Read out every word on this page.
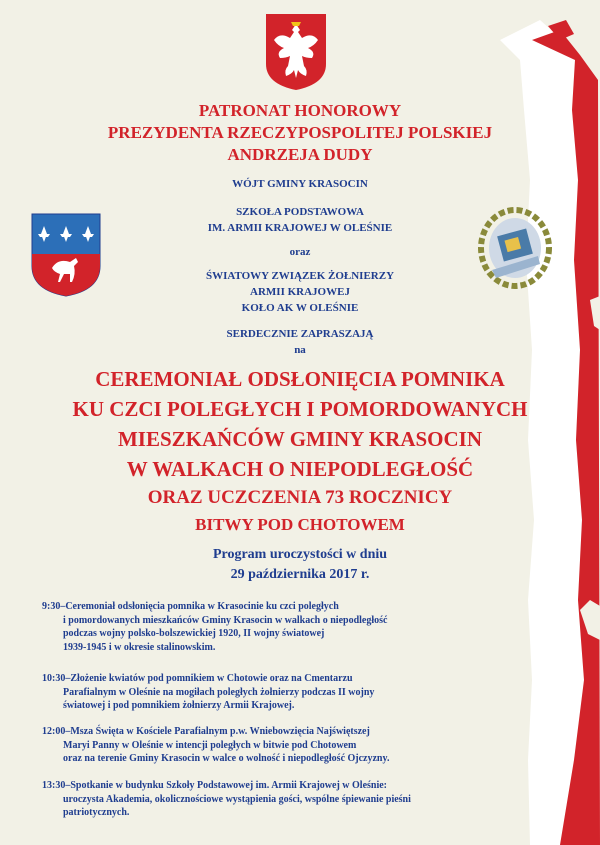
PATRONAT HONOROWY
PREZYDENTA RZECZYPOSPOLITEJ POLSKIEJ
ANDRZEJA DUDY
WÓJT GMINY KRASOCIN
SZKOŁA PODSTAWOWA
IM. ARMII KRAJOWEJ W OLEŚNIE
oraz
ŚWIATOWY ZWIĄZEK ŻOŁNIERZY
ARMII KRAJOWEJ
KOŁO AK W OLEŚNIE
SERDECZNIE ZAPRASZAJĄ
na
CEREMONIAŁ ODSŁONIĘCIA POMNIKA
KU CZCI POLEGŁYCH I POMORDOWANYCH
MIESZKAŃCÓW GMINY KRASOCIN
W WALKACH O NIEPODLEGŁOŚĆ
ORAZ UCZCZENIA 73 ROCZNICY
BITWY POD CHOTOWEM
Program uroczystości w dniu
29 października 2017 r.
9:30–Ceremoniał odsłonięcia pomnika w Krasocinie ku czci poległych
i pomordowanych mieszkańców Gminy Krasocin w walkach o niepodległość
podczas wojny polsko-bolszewickiej 1920, II wojny światowej
1939-1945 i w okresie stalinowskim.
10:30–Złożenie kwiatów pod pomnikiem w Chotowie oraz na Cmentarzu
Parafialnym w Oleśnie na mogiłach poległych żołnierzy podczas II wojny
światowej i pod pomnikiem żołnierzy Armii Krajowej.
12:00–Msza Święta w Kościele Parafialnym p.w. Wniebowzięcia Najświętszej
Maryi Panny w Oleśnie w intencji poległych w bitwie pod Chotowem
oraz na terenie Gminy Krasocin w walce o wolność i niepodległość Ojczyzny.
13:30–Spotkanie w budynku Szkoły Podstawowej im. Armii Krajowej w Oleśnie:
uroczysta Akademia, okolicznościowe wystąpienia gości, wspólne śpiewanie pieśni
patriotycznych.
